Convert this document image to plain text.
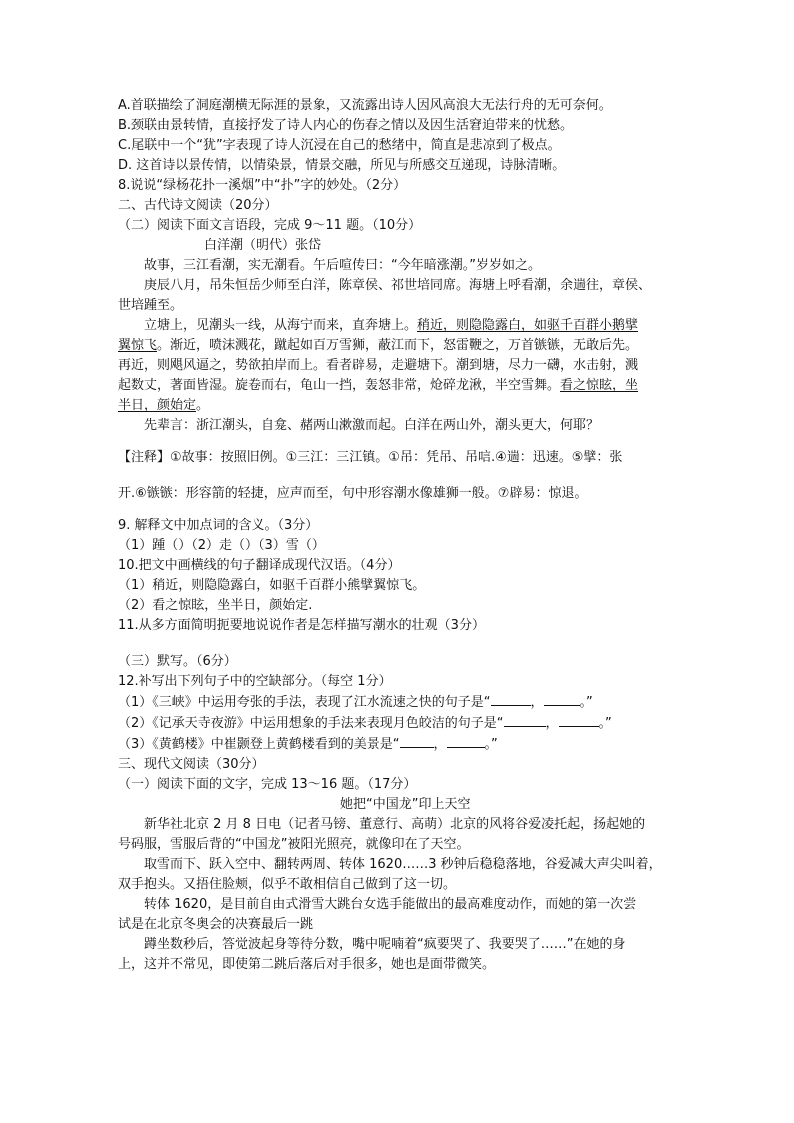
A.首联描绘了洞庭潮横无际涯的景象，又流露出诗人因风高浪大无法行舟的无可奈何。

B.颈联由景转情，直接抒发了诗人内心的伤春之情以及因生活窘迫带来的忧愁。

C.尾联中一个“犹”字表现了诗人沉浸在自己的愁绪中，简直是悲凉到了极点。

D. 这首诗以景传情，以情染景，情景交融，所见与所感交互递现，诗脉清晰。

8.说说“绿杨花扑一溪烟”中“扑”字的妙处。（2分）

二、古代诗文阅读（20分）

（二）阅读下面文言语段，完成 9～11 题。（10分）

白洋潮（明代）张岱

故事，三江看潮，实无潮看。午后喧传曰：“今年暗涨潮。”岁岁如之。

庚辰八月，吊朱恒岳少师至白洋，陈章侯、祁世培同席。海塘上呼看潮，余遄往，章侯、

世培踵至。

立塘上，见潮头一线，从海宁而来，直奔塘上。稍近，则隐隐露白，如驱千百群小鹅擘

翼惊飞。渐近，喷沫溅花，蹴起如百万雪狮，蔽江而下，怒雷鞭之，万首镞镞，无敢后先。

再近，则飓风逼之，势欲拍岸而上。看者辟易，走避塘下。潮到塘，尽力一礴，水击射，溅

起数丈，著面皆湿。旋卷而右，龟山一挡，轰怒非常，炝碎龙湫，半空雪舞。看之惊眩，坐

半日，颜始定。

先辈言：浙江潮头，自龛、赭两山漱激而起。白洋在两山外，潮头更大，何耶？

【注释】①故事：按照旧例。①三江：三江镇。①吊：凭吊、吊唁.④遄：迅速。⑤擘：张

开.⑥镞镞：形容箭的轻捷，应声而至，句中形容潮水像雄狮一般。⑦辟易：惊退。

9. 解释文中加点词的含义。（3分）

（1）踵（）（2）走（）（3）雪（）

10.把文中画横线的句子翻译成现代汉语。（4分）

（1）稍近，则隐隐露白，如驱千百群小熊擘翼惊飞。

（2）看之惊眩，坐半日，颜始定.

11.从多方面简明扼要地说说作者是怎样描写潮水的壮观（3分）

（三）默写。（6分）

12.补写出下列句子中的空缺部分。（每空 1分）

（1）《三峡》中运用夸张的手法，表现了江水流速之快的句子是“	，	。”

（2）《记承天寺夜游》中运用想象的手法来表现月色皎洁的句子是“	，	。”

（3）《黄鹤楼》中崔颢登上黄鹤楼看到的美景是“	，	。”

三、现代文阅读（30分）

（一）阅读下面的文字，完成 13～16 题。（17分）

她把“中国龙”印上天空

新华社北京 2 月 8 日电（记者马镑、董意行、高萌）北京的风将谷爱凌托起，扬起她的

号码服，雪服后背的“中国龙”被阳光照亮，就像印在了天空。

取雪而下、跃入空中、翻转两周、转体 1620……3 秒钟后稳稳落地，谷爱减大声尖叫着，

双手抱头。又捂住脸颊，似乎不敢相信自己做到了这一切。

转体 1620，是目前自由式滑雪大跳台女选手能做出的最高难度动作，而她的第一次尝

试是在北京冬奥会的决赛最后一跳

蹲坐数秒后，答觉波起身等待分数，嘴中呢喃着“疯要哭了、我要哭了……”在她的身

上，这并不常见，即使第二跳后落后对手很多，她也是面带微笑。
